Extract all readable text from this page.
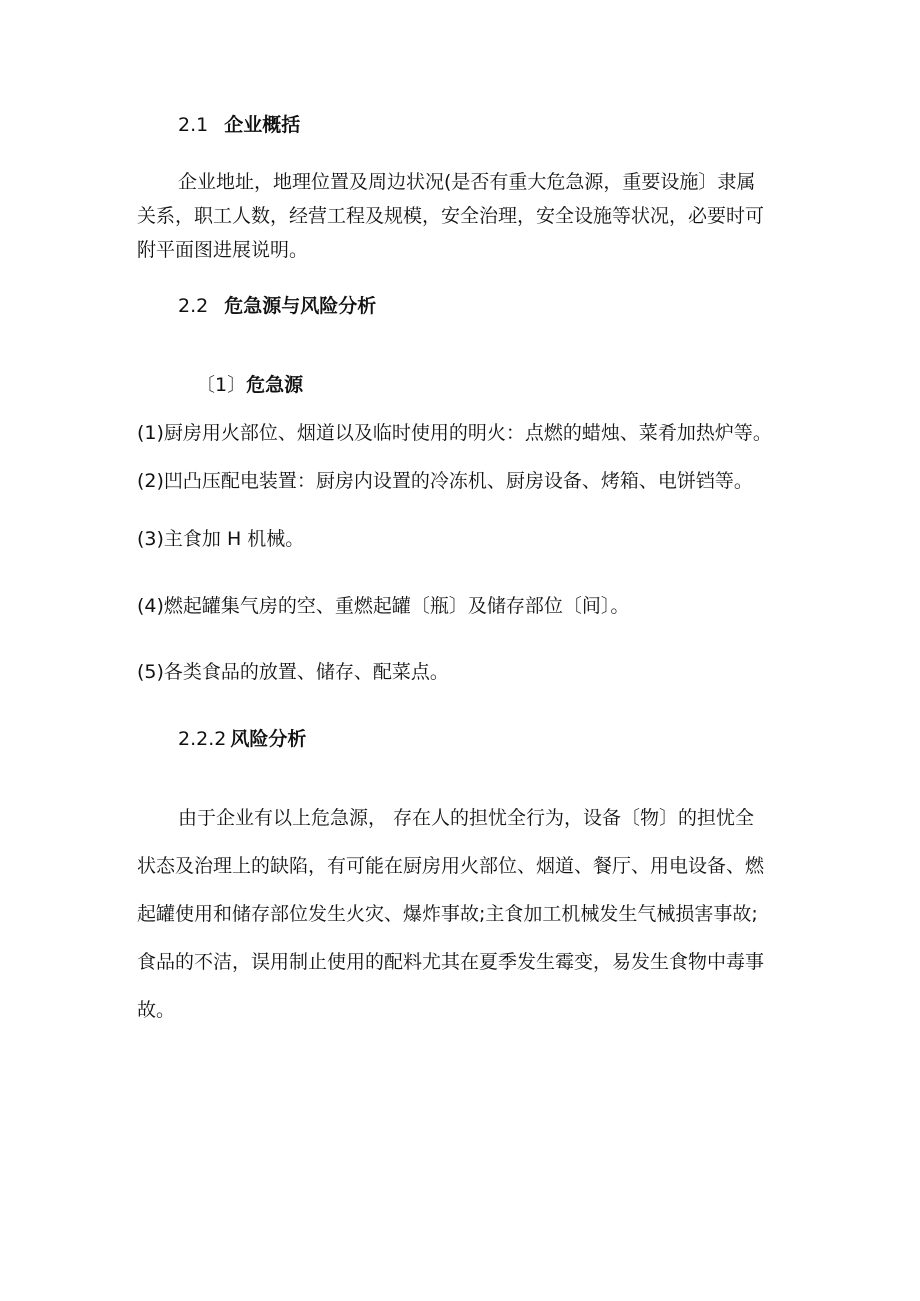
2.1 企业概括
企业地址，地理位置及周边状况(是否有重大危急源，重要设施〕隶属
关系，职工人数，经营工程及规模，安全治理，安全设施等状况，必要时可
附平面图进展说明。
2.2 危急源与风险分析
〔1〕危急源
(1)厨房用火部位、烟道以及临时使用的明火：点燃的蜡烛、菜肴加热炉等。
(2)凹凸压配电装置：厨房内设置的冷冻机、厨房设备、烤箱、电饼铛等。
(3)主食加 H 机械。
(4)燃起罐集气房的空、重燃起罐〔瓶〕及储存部位〔间〕。
(5)各类食品的放置、储存、配菜点。
2.2.2 风险分析
由于企业有以上危急源， 存在人的担忧全行为，设备〔物〕的担忧全
状态及治理上的缺陷，有可能在厨房用火部位、烟道、餐厅、用电设备、燃
起罐使用和储存部位发生火灾、爆炸事故;主食加工机械发生气械损害事故;
食品的不洁，误用制止使用的配料尤其在夏季发生霉变，易发生食物中毒事
故。
